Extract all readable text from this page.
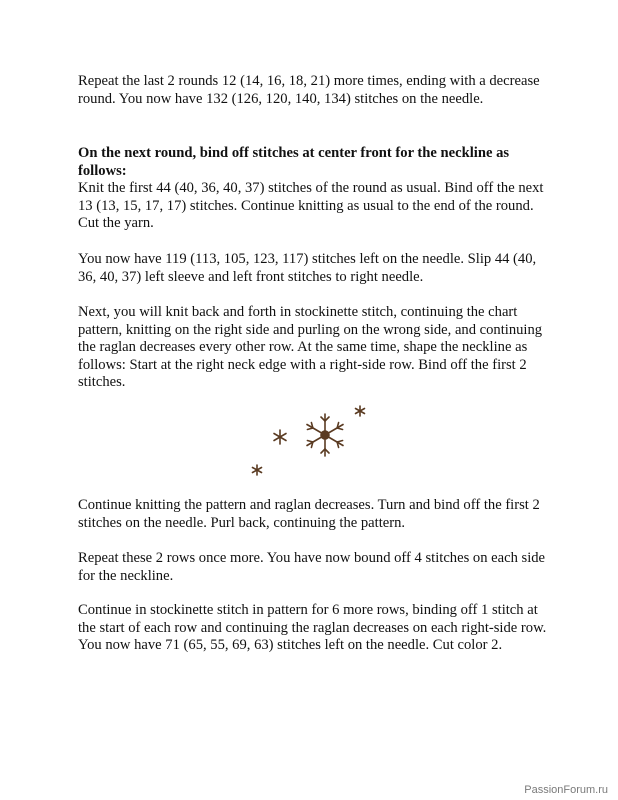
Repeat the last 2 rounds 12 (14, 16, 18, 21) more times, ending with a decrease round. You now have 132 (126, 120, 140, 134) stitches on the needle.

On the next round, bind off stitches at center front for the neckline as follows:

Knit the first 44 (40, 36, 40, 37) stitches of the round as usual. Bind off the next 13 (13, 15, 17, 17) stitches. Continue knitting as usual to the end of the round. Cut the yarn.

You now have 119 (113, 105, 123, 117) stitches left on the needle. Slip 44 (40, 36, 40, 37) left sleeve and left front stitches to right needle.

Next, you will knit back and forth in stockinette stitch, continuing the chart pattern, knitting on the right side and purling on the wrong side, and continuing the raglan decreases every other row. At the same time, shape the neckline as follows: Start at the right neck edge with a right-side row. Bind off the first 2 stitches.

Continue knitting the pattern and raglan decreases. Turn and bind off the first 2 stitches on the needle. Purl back, continuing the pattern.

Repeat these 2 rows once more. You have now bound off 4 stitches on each side for the neckline.

Continue in stockinette stitch in pattern for 6 more rows, binding off 1 stitch at the start of each row and continuing the raglan decreases on each right-side row. You now have 71 (65, 55, 69, 63) stitches left on the needle. Cut color 2.

PassionForum.ru
